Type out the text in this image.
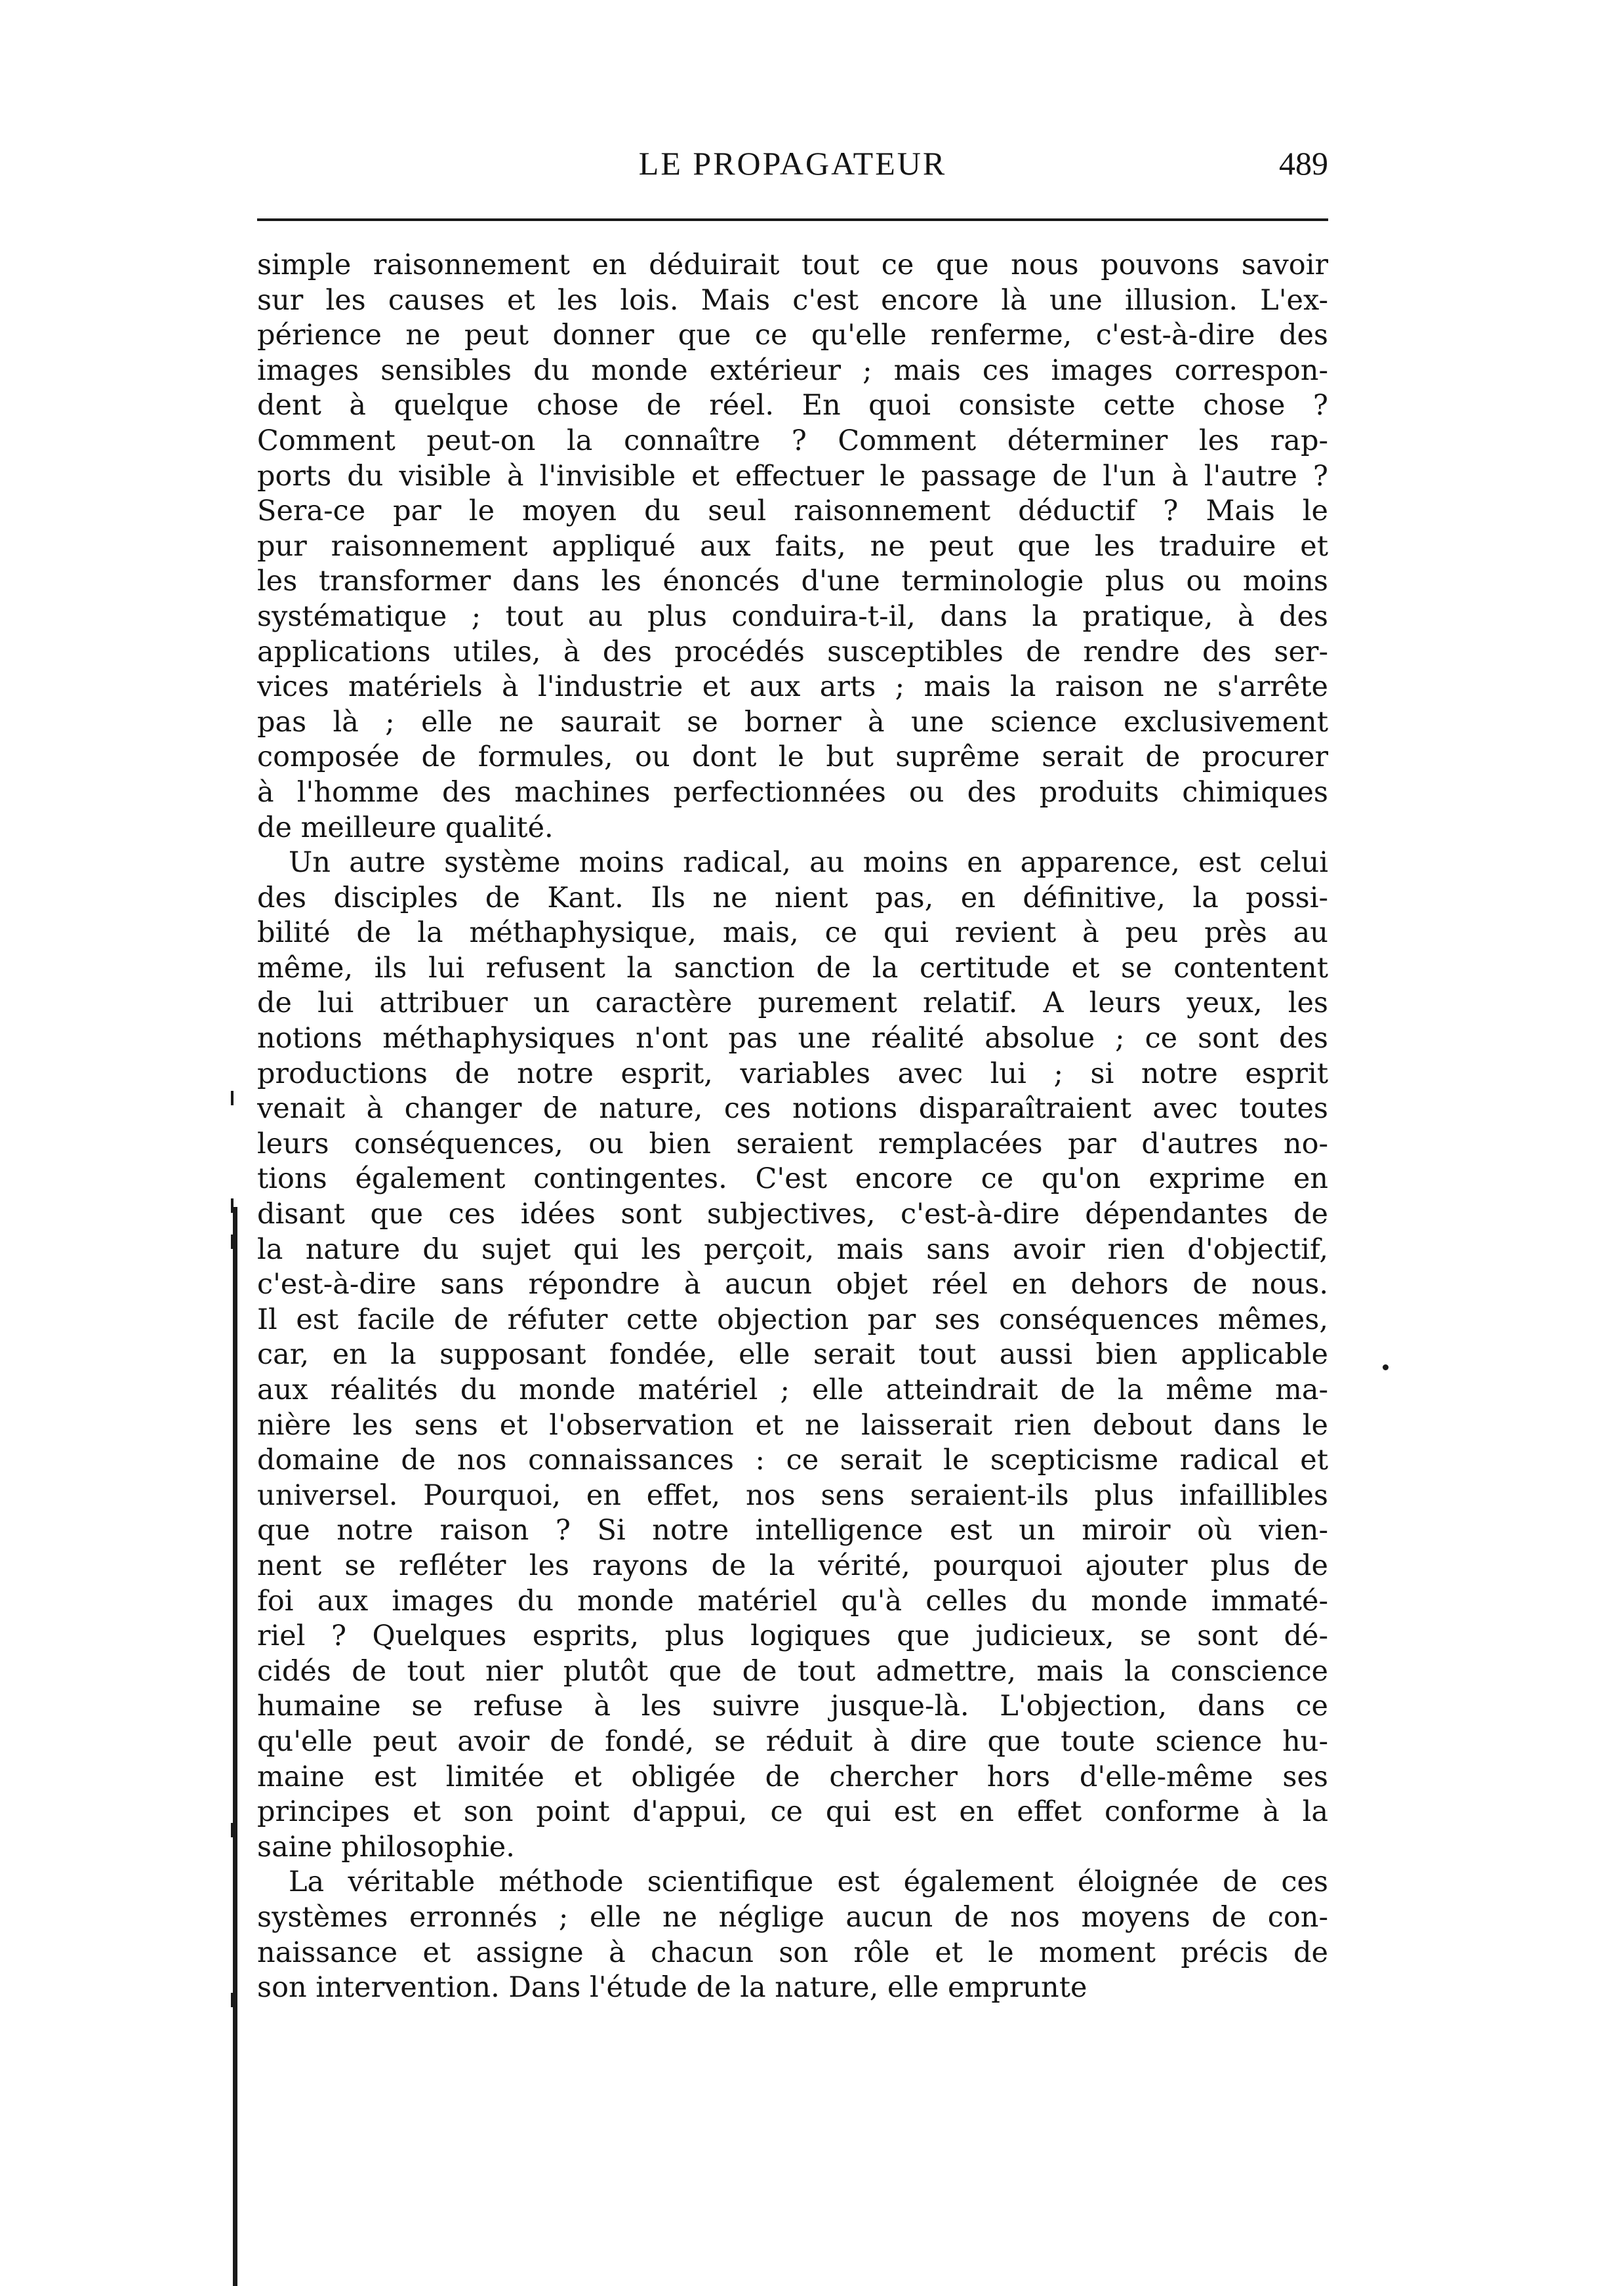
LE PROPAGATEUR	489
simple raisonnement en déduirait tout ce que nous pouvons savoir
sur les causes et les lois. Mais c'est encore là une illusion. L'ex-
périence ne peut donner que ce qu'elle renferme, c'est-à-dire des
images sensibles du monde extérieur ; mais ces images correspon-
dent à quelque chose de réel. En quoi consiste cette chose ?
Comment peut-on la connaître ? Comment déterminer les rap-
ports du visible à l'invisible et effectuer le passage de l'un à l'autre ?
Sera-ce par le moyen du seul raisonnement déductif ? Mais le
pur raisonnement appliqué aux faits, ne peut que les traduire et
les transformer dans les énoncés d'une terminologie plus ou moins
systématique ; tout au plus conduira-t-il, dans la pratique, à des
applications utiles, à des procédés susceptibles de rendre des ser-
vices matériels à l'industrie et aux arts ; mais la raison ne s'arrête
pas là ; elle ne saurait se borner à une science exclusivement
composée de formules, ou dont le but suprême serait de procurer
à l'homme des machines perfectionnées ou des produits chimiques
de meilleure qualité.
Un autre système moins radical, au moins en apparence, est celui
des disciples de Kant. Ils ne nient pas, en définitive, la possi-
bilité de la méthaphysique, mais, ce qui revient à peu près au
même, ils lui refusent la sanction de la certitude et se contentent
de lui attribuer un caractère purement relatif. A leurs yeux, les
notions méthaphysiques n'ont pas une réalité absolue ; ce sont des
productions de notre esprit, variables avec lui ; si notre esprit
venait à changer de nature, ces notions disparaîtraient avec toutes
leurs conséquences, ou bien seraient remplacées par d'autres no-
tions également contingentes. C'est encore ce qu'on exprime en
disant que ces idées sont subjectives, c'est-à-dire dépendantes de
la nature du sujet qui les perçoit, mais sans avoir rien d'objectif,
c'est-à-dire sans répondre à aucun objet réel en dehors de nous.
Il est facile de réfuter cette objection par ses conséquences mêmes,
car, en la supposant fondée, elle serait tout aussi bien applicable
aux réalités du monde matériel ; elle atteindrait de la même ma-
nière les sens et l'observation et ne laisserait rien debout dans le
domaine de nos connaissances : ce serait le scepticisme radical et
universel. Pourquoi, en effet, nos sens seraient-ils plus infaillibles
que notre raison ? Si notre intelligence est un miroir où vien-
nent se refléter les rayons de la vérité, pourquoi ajouter plus de
foi aux images du monde matériel qu'à celles du monde immaté-
riel ? Quelques esprits, plus logiques que judicieux, se sont dé-
cidés de tout nier plutôt que de tout admettre, mais la conscience
humaine se refuse à les suivre jusque-là. L'objection, dans ce
qu'elle peut avoir de fondé, se réduit à dire que toute science hu-
maine est limitée et obligée de chercher hors d'elle-même ses
principes et son point d'appui, ce qui est en effet conforme à la
saine philosophie.
La véritable méthode scientifique est également éloignée de ces
systèmes erronnés ; elle ne néglige aucun de nos moyens de con-
naissance et assigne à chacun son rôle et le moment précis de
son intervention. Dans l'étude de la nature, elle emprunte
